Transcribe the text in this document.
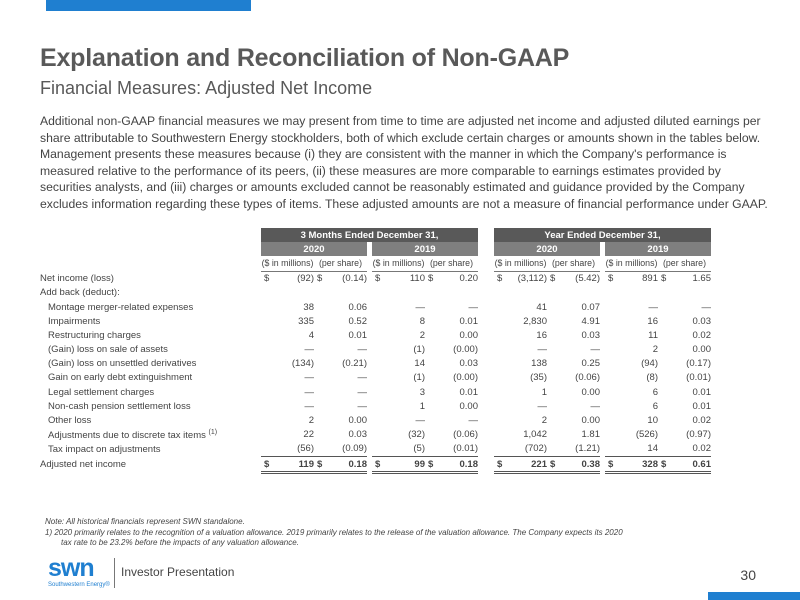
Explanation and Reconciliation of Non-GAAP
Financial Measures: Adjusted Net Income
Additional non-GAAP financial measures we may present from time to time are adjusted net income and adjusted diluted earnings per share attributable to Southwestern Energy stockholders, both of which exclude certain charges or amounts shown in the tables below. Management presents these measures because (i) they are consistent with the manner in which the Company's performance is measured relative to the performance of its peers, (ii) these measures are more comparable to earnings estimates provided by securities analysts, and (iii) charges or amounts excluded cannot be reasonably estimated and guidance provided by the Company excludes information regarding these types of items. These adjusted amounts are not a measure of financial performance under GAAP.
	3 Months Ended December 31,										Year Ended December 31,								
	2020					2019					2020					2019			
	($ in millions)		(per share)			($ in millions)		(per share)			($ in millions)		(per share)			($ in millions)		(per share)	
Net income (loss)	$	(92)	$	(0.14)		$	110	$	0.20		$	(3,112)	$	(5.42)		$	891	$	1.65
Add back (deduct):																			
Montage merger-related expenses		38		0.06			—		—			41		0.07			—		—
Impairments		335		0.52			8		0.01			2,830		4.91			16		0.03
Restructuring charges		4		0.01			2		0.00			16		0.03			11		0.02
(Gain) loss on sale of assets		—		—			(1)		(0.00)			—		—			2		0.00
(Gain) loss on unsettled derivatives		(134)		(0.21)			14		0.03			138		0.25			(94)		(0.17)
Gain on early debt extinguishment		—		—			(1)		(0.00)			(35)		(0.06)			(8)		(0.01)
Legal settlement charges		—		—			3		0.01			1		0.00			6		0.01
Non-cash pension settlement loss		—		—			1		0.00			—		—			6		0.01
Other loss		2		0.00			—		—			2		0.00			10		0.02
Adjustments due to discrete tax items $^{(1)}$		22		0.03			(32)		(0.06)			1,042		1.81			(526)		(0.97)
Tax impact on adjustments		(56)		(0.09)			(5)		(0.01)			(702)		(1.21)			14		0.02
Adjusted net income	$	119	$	0.18		$	99	$	0.18		$	221	$	0.38		$	328	$	0.61
Note: All historical financials represent SWN standalone.
1) 2020 primarily relates to the recognition of a valuation allowance. 2019 primarily relates to the release of the valuation allowance. The Company expects its 2020
tax rate to be 23.2% before the impacts of any valuation allowance.
swn
Southwestern Energy®
Investor Presentation	30
